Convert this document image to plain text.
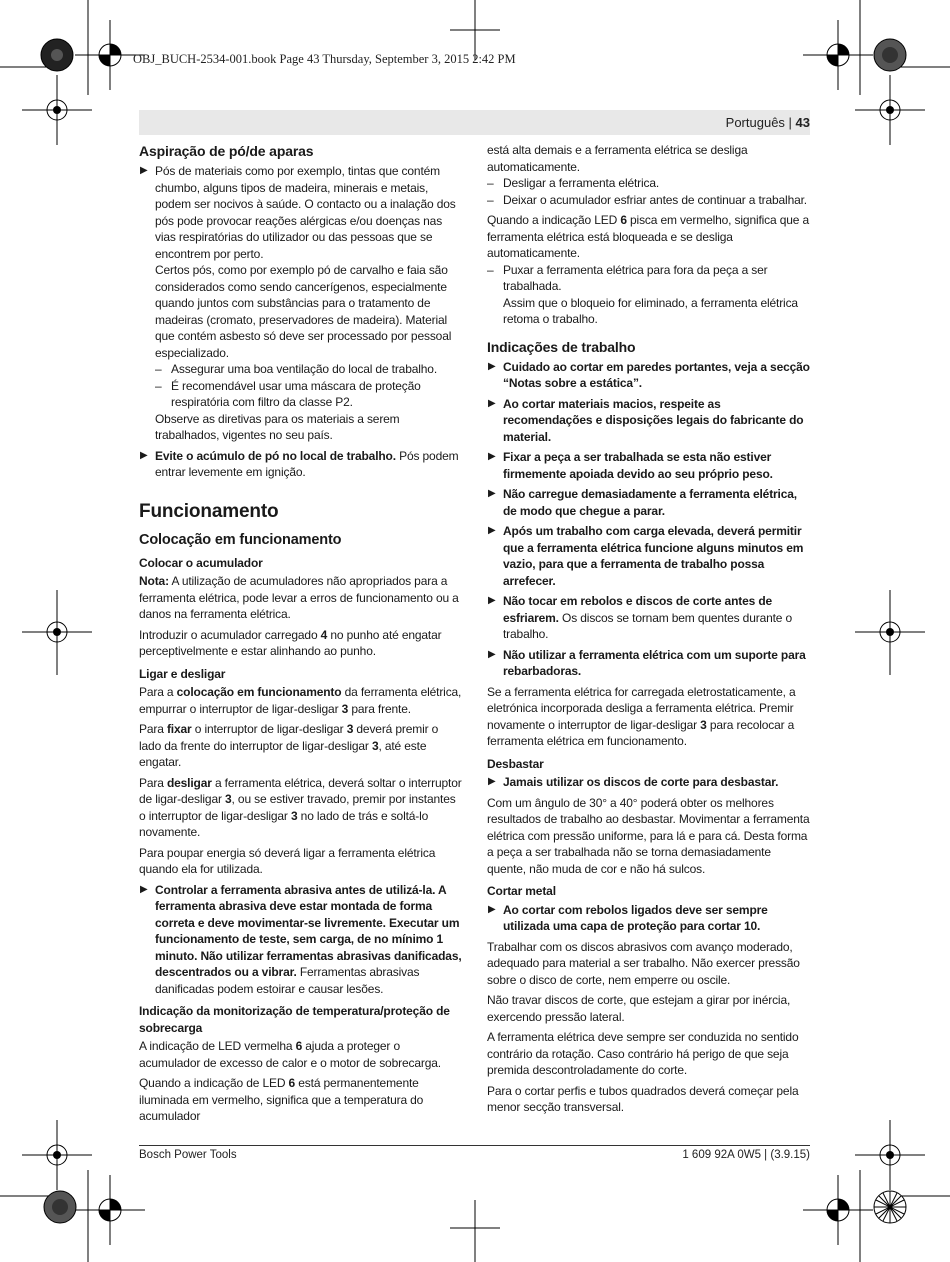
OBJ_BUCH-2534-001.book Page 43 Thursday, September 3, 2015 2:42 PM
Português | 43
Aspiração de pó/de aparas
▶ Pós de materiais como por exemplo, tintas que contém chumbo, alguns tipos de madeira, minerais e metais, podem ser nocivos à saúde. O contacto ou a inalação dos pós pode provocar reações alérgicas e/ou doenças nas vias respiratórias do utilizador ou das pessoas que se encontrem por perto.

Certos pós, como por exemplo pó de carvalho e faia são considerados como sendo cancerígenos, especialmente quando juntos com substâncias para o tratamento de madeiras (cromato, preservadores de madeira). Material que contém asbesto só deve ser processado por pessoal especializado.

– Assegurar uma boa ventilação do local de trabalho.
– É recomendável usar uma máscara de proteção respiratória com filtro da classe P2.

Observe as diretivas para os materiais a serem trabalhados, vigentes no seu país.

▶ Evite o acúmulo de pó no local de trabalho. Pós podem entrar levemente em ignição.
Funcionamento
Colocação em funcionamento
Colocar o acumulador

Nota: A utilização de acumuladores não apropriados para a ferramenta elétrica, pode levar a erros de funcionamento ou a danos na ferramenta elétrica.

Introduzir o acumulador carregado 4 no punho até engatar perceptivelmente e estar alinhando ao punho.

Ligar e desligar

Para a colocação em funcionamento da ferramenta elétrica, empurrar o interruptor de ligar-desligar 3 para frente.

Para fixar o interruptor de ligar-desligar 3 deverá premir o lado da frente do interruptor de ligar-desligar 3, até este engatar.

Para desligar a ferramenta elétrica, deverá soltar o interruptor de ligar-desligar 3, ou se estiver travado, premir por instantes o interruptor de ligar-desligar 3 no lado de trás e soltá-lo novamente.

Para poupar energia só deverá ligar a ferramenta elétrica quando ela for utilizada.

▶ Controlar a ferramenta abrasiva antes de utilizá-la. A ferramenta abrasiva deve estar montada de forma correta e deve movimentar-se livremente. Executar um funcionamento de teste, sem carga, de no mínimo 1 minuto. Não utilizar ferramentas abrasivas danificadas, descentrados ou a vibrar. Ferramentas abrasivas danificadas podem estoirar e causar lesões.
Indicação da monitorização de temperatura/proteção de sobrecarga

A indicação de LED vermelha 6 ajuda a proteger o acumulador de excesso de calor e o motor de sobrecarga.

Quando a indicação de LED 6 está permanentemente iluminada em vermelho, significa que a temperatura do acumulador

está alta demais e a ferramenta elétrica se desliga automaticamente.

– Desligar a ferramenta elétrica.
– Deixar o acumulador esfriar antes de continuar a trabalhar.

Quando a indicação LED 6 pisca em vermelho, significa que a ferramenta elétrica está bloqueada e se desliga automaticamente.

– Puxar a ferramenta elétrica para fora da peça a ser trabalhada.

Assim que o bloqueio for eliminado, a ferramenta elétrica retoma o trabalho.

Indicações de trabalho
▶ Cuidado ao cortar em paredes portantes, veja a secção “Notas sobre a estática”.
▶ Ao cortar materiais macios, respeite as recomendações e disposições legais do fabricante do material.
▶ Fixar a peça a ser trabalhada se esta não estiver firmemente apoiada devido ao seu próprio peso.
▶ Não carregue demasiadamente a ferramenta elétrica, de modo que chegue a parar.
▶ Após um trabalho com carga elevada, deverá permitir que a ferramenta elétrica funcione alguns minutos em vazio, para que a ferramenta de trabalho possa arrefecer.
▶ Não tocar em rebolos e discos de corte antes de esfriarem. Os discos se tornam bem quentes durante o trabalho.
▶ Não utilizar a ferramenta elétrica com um suporte para rebarbadoras.

Se a ferramenta elétrica for carregada eletrostaticamente, a eletrónica incorporada desliga a ferramenta elétrica. Premir novamente o interruptor de ligar-desligar 3 para recolocar a ferramenta elétrica em funcionamento.

Desbastar
▶ Jamais utilizar os discos de corte para desbastar.

Com um ângulo de 30° a 40° poderá obter os melhores resultados de trabalho ao desbastar. Movimentar a ferramenta elétrica com pressão uniforme, para lá e para cá. Desta forma a peça a ser trabalhada não se torna demasiadamente quente, não muda de cor e não há sulcos.

Cortar metal
▶ Ao cortar com rebolos ligados deve ser sempre utilizada uma capa de proteção para cortar 10.

Trabalhar com os discos abrasivos com avanço moderado, adequado para material a ser trabalho. Não exercer pressão sobre o disco de corte, nem emperre ou oscile.

Não travar discos de corte, que estejam a girar por inércia, exercendo pressão lateral.

A ferramenta elétrica deve sempre ser conduzida no sentido contrário da rotação. Caso contrário há perigo de que seja premida descontroladamente do corte.

Para o cortar perfis e tubos quadrados deverá começar pela menor secção transversal.

Bosch Power Tools	1 609 92A 0W5 | (3.9.15)
